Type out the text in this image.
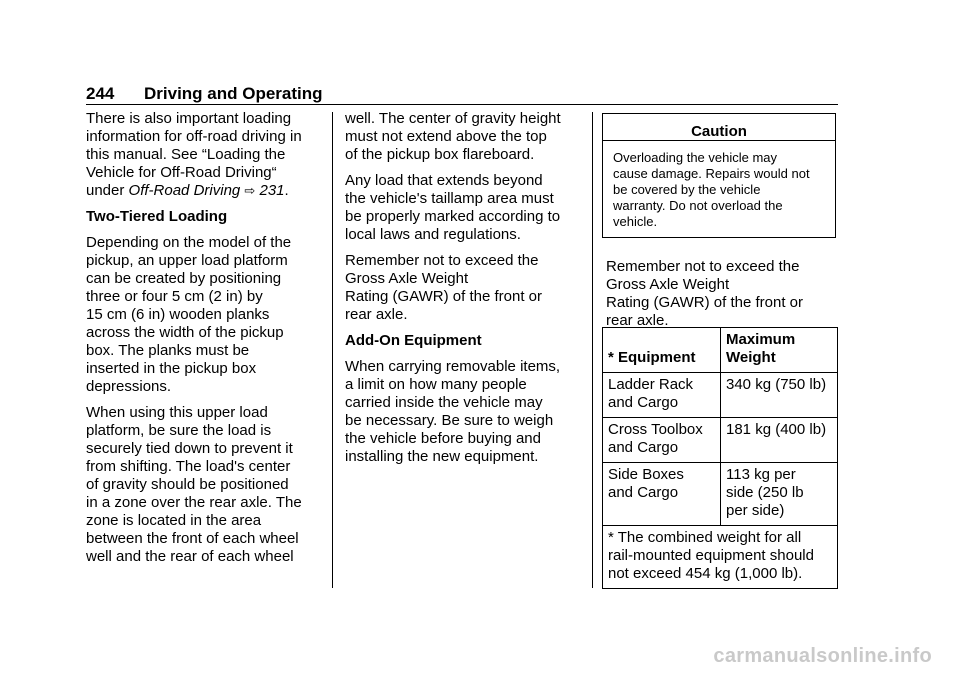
244 Driving and Operating

There is also important loading
information for off-road driving in
this manual. See “Loading the
Vehicle for Off-Road Driving“
under Off-Road Driving ⇨ 231.

Two-Tiered Loading

Depending on the model of the
pickup, an upper load platform
can be created by positioning
three or four 5 cm (2 in) by
15 cm (6 in) wooden planks
across the width of the pickup
box. The planks must be
inserted in the pickup box
depressions.

When using this upper load
platform, be sure the load is
securely tied down to prevent it
from shifting. The load's center
of gravity should be positioned
in a zone over the rear axle. The
zone is located in the area
between the front of each wheel
well and the rear of each wheel

well. The center of gravity height
must not extend above the top
of the pickup box flareboard.

Any load that extends beyond
the vehicle's taillamp area must
be properly marked according to
local laws and regulations.

Remember not to exceed the
Gross Axle Weight
Rating (GAWR) of the front or
rear axle.

Add-On Equipment

When carrying removable items,
a limit on how many people
carried inside the vehicle may
be necessary. Be sure to weigh
the vehicle before buying and
installing the new equipment.

Caution
Overloading the vehicle may
cause damage. Repairs would not
be covered by the vehicle
warranty. Do not overload the
vehicle.
Remember not to exceed the
Gross Axle Weight
Rating (GAWR) of the front or
rear axle.
* Equipment
Maximum
Weight
Ladder Rack
and Cargo
340 kg (750 lb)
Cross Toolbox
and Cargo
181 kg (400 lb)
Side Boxes
and Cargo
113 kg per
side (250 lb
per side)
* The combined weight for all
rail-mounted equipment should
not exceed 454 kg (1,000 lb).
carmanualsonline.info
